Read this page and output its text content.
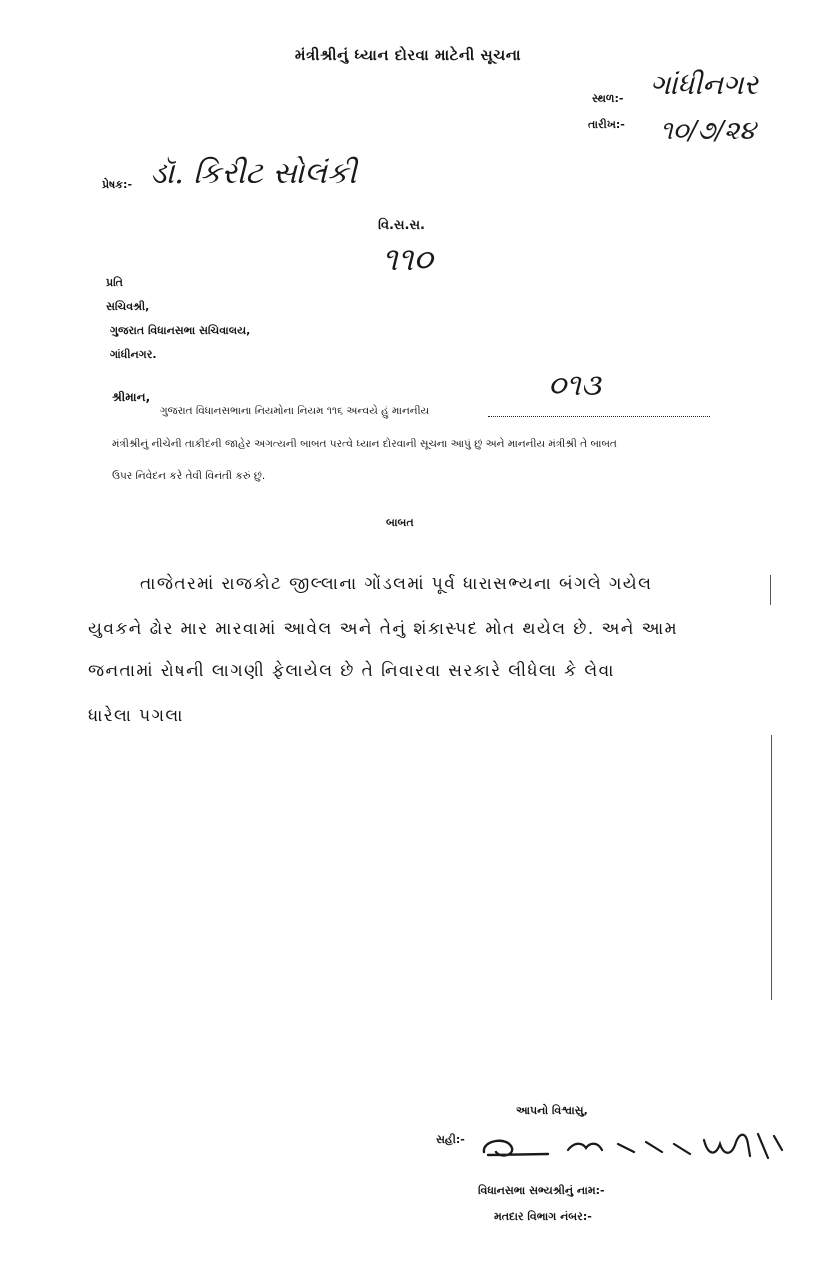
મંત્રીશ્રીનું ધ્યાન દોરવા માટેની સૂચના
સ્થળ:- ગાંધીનગર
તારીખ:- ૧૦/૭/૨૪
પ્રેષક:- ડૉ. કિરીટ સોલંકી
વિ.સ.સ.
૧૧૦
પ્રતિ
સચિવશ્રી,
ગુજરાત વિધાનસભા સચિવાલય,
ગાંધીનગર.
શ્રીમાન,
ગુજરાત વિધાનસભાના નિયમોના નિયમ ૧૧૬ અન્વયે હું માનનીય
૦૧૩
મંત્રીશ્રીનું નીચેની તાકીદની જાહેર અગત્યની બાબત પરત્વે ધ્યાન દોરવાની સૂચના આપું છું અને માનનીય મંત્રીશ્રી તે બાબત
ઉપર નિવેદન કરે તેવી વિનંતી કરું છું.
બાબત
તાજેતરમાં રાજકોટ જીલ્લાના ગોંડલમાં પૂર્વ ધારાસભ્યના બંગલે ગયેલ
યુવકને ઢોર માર મારવામાં આવેલ અને તેનું શંકાસ્પદ મોત થયેલ છે. અને આમ
જનતામાં રોષની લાગણી ફેલાયેલ છે તે નિવારવા સરકારે લીધેલા કે લેવા
ધારેલા પગલા
આપનો વિશ્વાસુ,
સહી:-
વિધાનસભા સભ્યશ્રીનું નામ:-
મતદાર વિભાગ નંબર:-
